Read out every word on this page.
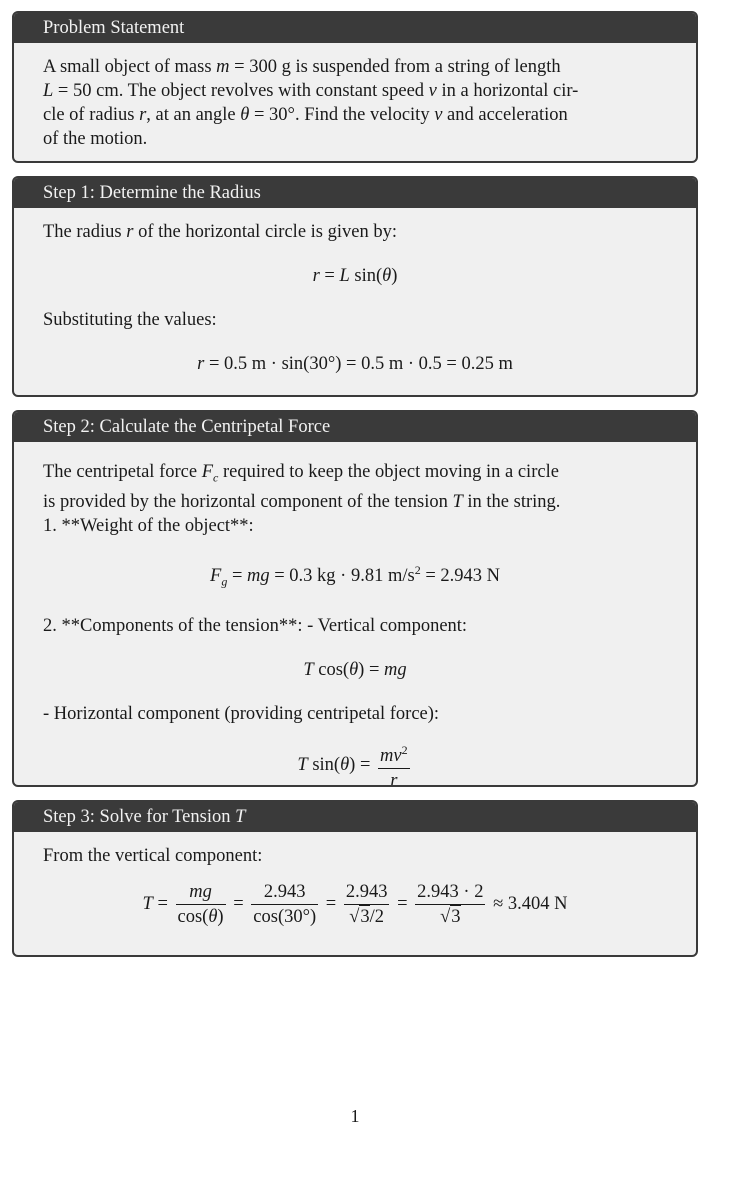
Problem Statement

A small object of mass m = 300 g is suspended from a string of length

L = 50 cm. The object revolves with constant speed v in a horizontal cir-

cle of radius r, at an angle θ = 30°. Find the velocity v and acceleration

of the motion.

Step 1: Determine the Radius

The radius r of the horizontal circle is given by:

r = L sin(θ)

Substituting the values:

r = 0.5 m · sin(30°) = 0.5 m · 0.5 = 0.25 m

Step 2: Calculate the Centripetal Force

The centripetal force $F_c$ required to keep the object moving in a circle

is provided by the horizontal component of the tension T in the string.

1. **Weight of the object**:

$F_g$ = mg = 0.3 kg · 9.81 $m/s^2 = 2.943$ N

2. **Components of the tension**: - Vertical component:

T cos(θ) = mg

- Horizontal component (providing centripetal force):

T $\sin(\theta) = \frac{mv^2}{r}$
Step 3: Solve for Tension T

From the vertical component:

$T = \frac{mg}{\cos(\theta)} = \frac{2.943}{\cos(30^\circ)} = \frac{2.943}{√3/2} = \frac{2.943 \cdot 2}{√3} \approx 3.404$ N
1
